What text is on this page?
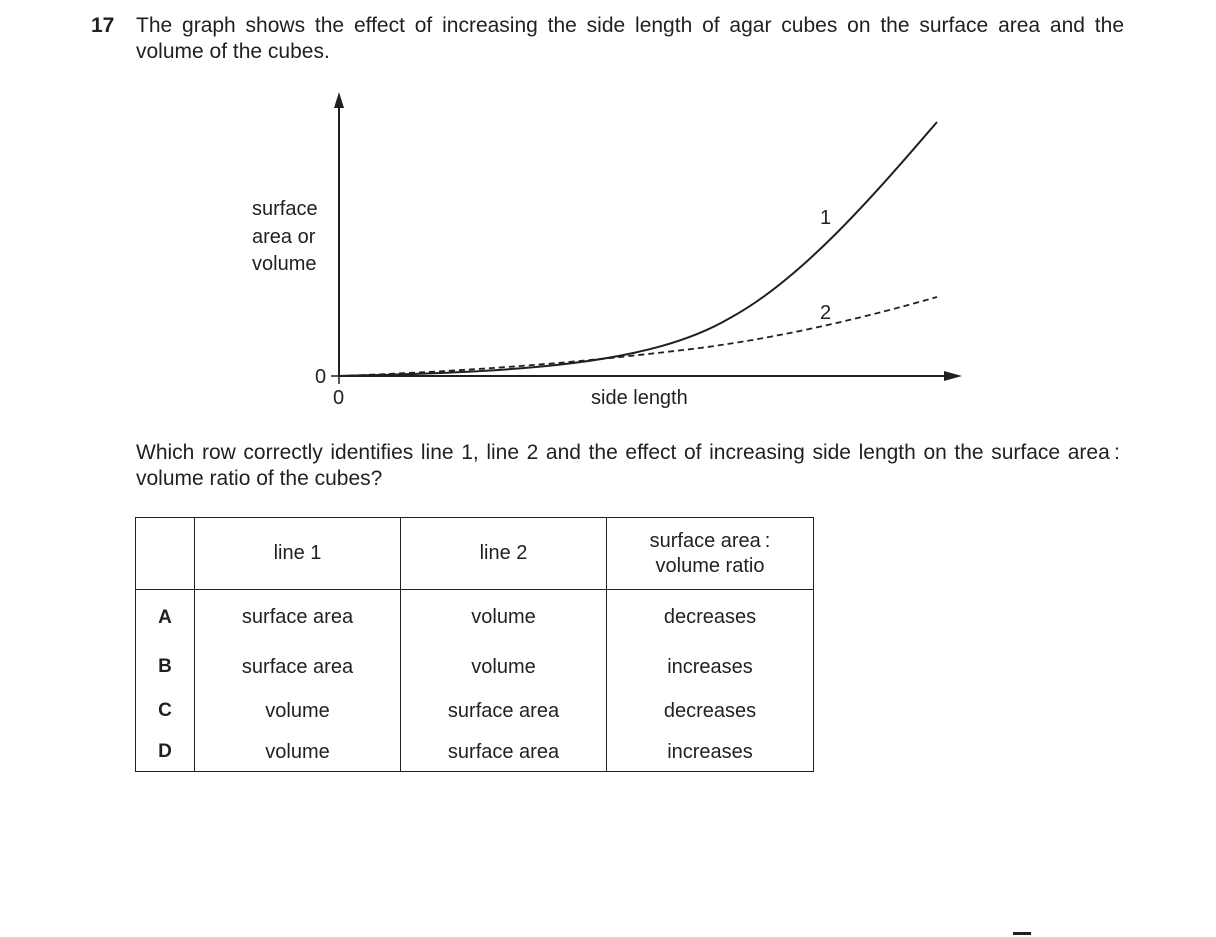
17 The graph shows the effect of increasing the side length of agar cubes on the surface area and the volume of the cubes.
surface
area or
volume
0
0	side length
1
2
Which row correctly identifies line 1, line 2 and the effect of increasing side length on the surface area : volume ratio of the cubes?
	line 1	line 2	surface area :
volume ratio

A	surface area	volume	decreases
B	surface area	volume	increases
C	volume	surface area	decreases
D	volume	surface area	increases
